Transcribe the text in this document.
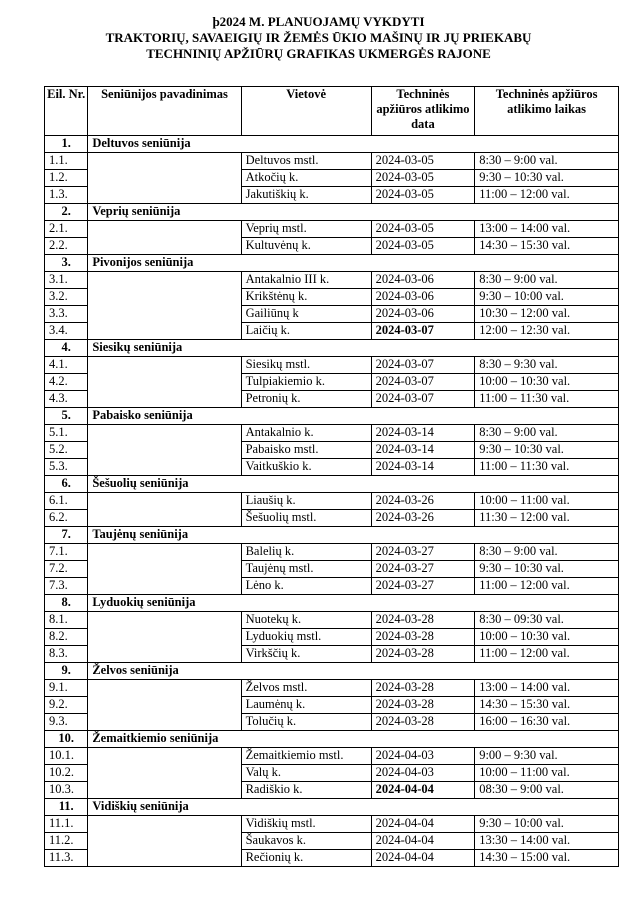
þ2024 M. PLANUOJAMŲ VYKDYTI
TRAKTORIŲ, SAVAEIGIŲ IR ŽEMĖS ŪKIO MAŠINŲ IR JŲ PRIEKABŲ
TECHNINIŲ APŽIŪRŲ GRAFIKAS UKMERGĖS RAJONE
Eil. Nr.	Seniūnijos pavadinimas	Vietovė	Techninės apžiūros atlikimo data	Techninės apžiūros atlikimo laikas
1.	Deltuvos seniūnija			
1.1.		Deltuvos mstl.	2024-03-05	8:30 – 9:00 val.
1.2.		Atkočių k.	2024-03-05	9:30 – 10:30 val.
1.3.		Jakutiškių k.	2024-03-05	11:00 – 12:00 val.
2.	Veprių seniūnija			
2.1.		Veprių mstl.	2024-03-05	13:00 – 14:00 val.
2.2.		Kultuvėnų k.	2024-03-05	14:30 – 15:30 val.
3.	Pivonijos seniūnija			
3.1.		Antakalnio III k.	2024-03-06	8:30 – 9:00 val.
3.2.		Krikštėnų k.	2024-03-06	9:30 – 10:00 val.
3.3.		Gailiūnų k	2024-03-06	10:30 – 12:00 val.
3.4.		Laičių k.	2024-03-07	12:00 – 12:30 val.
4.	Siesikų seniūnija			
4.1.		Siesikų mstl.	2024-03-07	8:30 – 9:30 val.
4.2.		Tulpiakiemio k.	2024-03-07	10:00 – 10:30 val.
4.3.		Petronių k.	2024-03-07	11:00 – 11:30 val.
5.	Pabaisko seniūnija			
5.1.		Antakalnio k.	2024-03-14	8:30 – 9:00 val.
5.2.		Pabaisko mstl.	2024-03-14	9:30 – 10:30 val.
5.3.		Vaitkuškio k.	2024-03-14	11:00 – 11:30 val.
6.	Šešuolių seniūnija			
6.1.		Liaušių k.	2024-03-26	10:00 – 11:00 val.
6.2.		Šešuolių mstl.	2024-03-26	11:30 – 12:00 val.
7.	Taujėnų seniūnija			
7.1.		Balelių k.	2024-03-27	8:30 – 9:00 val.
7.2.		Taujėnų mstl.	2024-03-27	9:30 – 10:30 val.
7.3.		Lėno k.	2024-03-27	11:00 – 12:00 val.
8.	Lyduokių seniūnija			
8.1.		Nuotekų k.	2024-03-28	8:30 – 09:30 val.
8.2.		Lyduokių mstl.	2024-03-28	10:00 – 10:30 val.
8.3.		Virkščių k.	2024-03-28	11:00 – 12:00 val.
9.	Želvos seniūnija			
9.1.		Želvos mstl.	2024-03-28	13:00 – 14:00 val.
9.2.		Laumėnų k.	2024-03-28	14:30 – 15:30 val.
9.3.		Tolučių k.	2024-03-28	16:00 – 16:30 val.
10.	Žemaitkiemio seniūnija			
10.1.		Žemaitkiemio mstl.	2024-04-03	9:00 – 9:30 val.
10.2.		Valų k.	2024-04-03	10:00 – 11:00 val.
10.3.		Radiškio k.	2024-04-04	08:30 – 9:00 val.
11.	Vidiškių seniūnija			
11.1.		Vidiškių mstl.	2024-04-04	9:30 – 10:00 val.
11.2.		Šaukavos k.	2024-04-04	13:30 – 14:00 val.
11.3.		Rečionių k.	2024-04-04	14:30 – 15:00 val.
